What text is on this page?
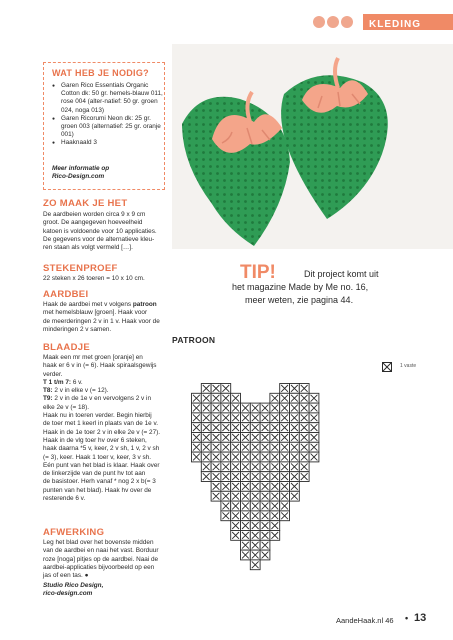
KLEDING
WAT HEB JE NODIG?
● Garen Rico Essentials Organic Cotton dk: 50 gr. hemels-blauw 011, rose 004 (alter-natief: 50 gr. groen 024, noga 013)
● Garen Ricorumi Neon dk: 25 gr. groen 003 (alternatief: 25 gr. oranje 001)
● Haaknaald 3
Meer informatie op
Rico-Design.com
ZO MAAK JE HET
De aardbeien worden circa 9 x 9 cm
groot. De aangegeven hoeveelheid
katoen is voldoende voor 10 applicaties.
De gegevens voor de alternatieve kleu-
ren staan als volgt vermeld […].
STEKENPROEF
22 steken x 26 toeren = 10 x 10 cm.
AARDBEI
Haak de aardbei met v volgens patroon
met hemelsblauw [groen]. Haak voor
de meerderingen 2 v in 1 v. Haak voor de
minderingen 2 v samen.
BLAADJE
Maak een mr met groen [oranje] en
haak er 6 v in (= 6). Haak spiraalsgewijs
verder.
T 1 t/m 7: 6 v.
T8: 2 v in elke v (= 12).
T9: 2 v in de 1e v en vervolgens 2 v in
elke 2e v (= 18).
Haak nu in toeren verder. Begin hierbij
de toer met 1 keerl in plaats van de 1e v.
Haak in de 1e toer 2 v in elke 2e v (= 27).
Haak in de vlg toer hv over 6 steken,
haak daarna *5 v, keer, 2 v sh, 1 v, 2 v sh
(= 3), keer. Haak 1 toer v, keer, 3 v sh.
Eén punt van het blad is klaar. Haak over
de linkerzijde van de punt hv tot aan
de basistoer. Herh vanaf * nog 2 x b(= 3
punten van het blad). Haak hv over de
resterende 6 v.
AFWERKING
Leg het blad over het bovenste midden
van de aardbei en naai het vast. Borduur
roze [noga] pitjes op de aardbei. Naai de
aardbei-applicaties bijvoorbeeld op een
jas of een tas. ●
Studio Rico Design,
rico-design.com
TIP!	Dit project komt uit
het magazine Made by Me no. 16,
meer weten, zie pagina 44.
PATROON
1 vaste
AandeHaak.nl 46 • 13
